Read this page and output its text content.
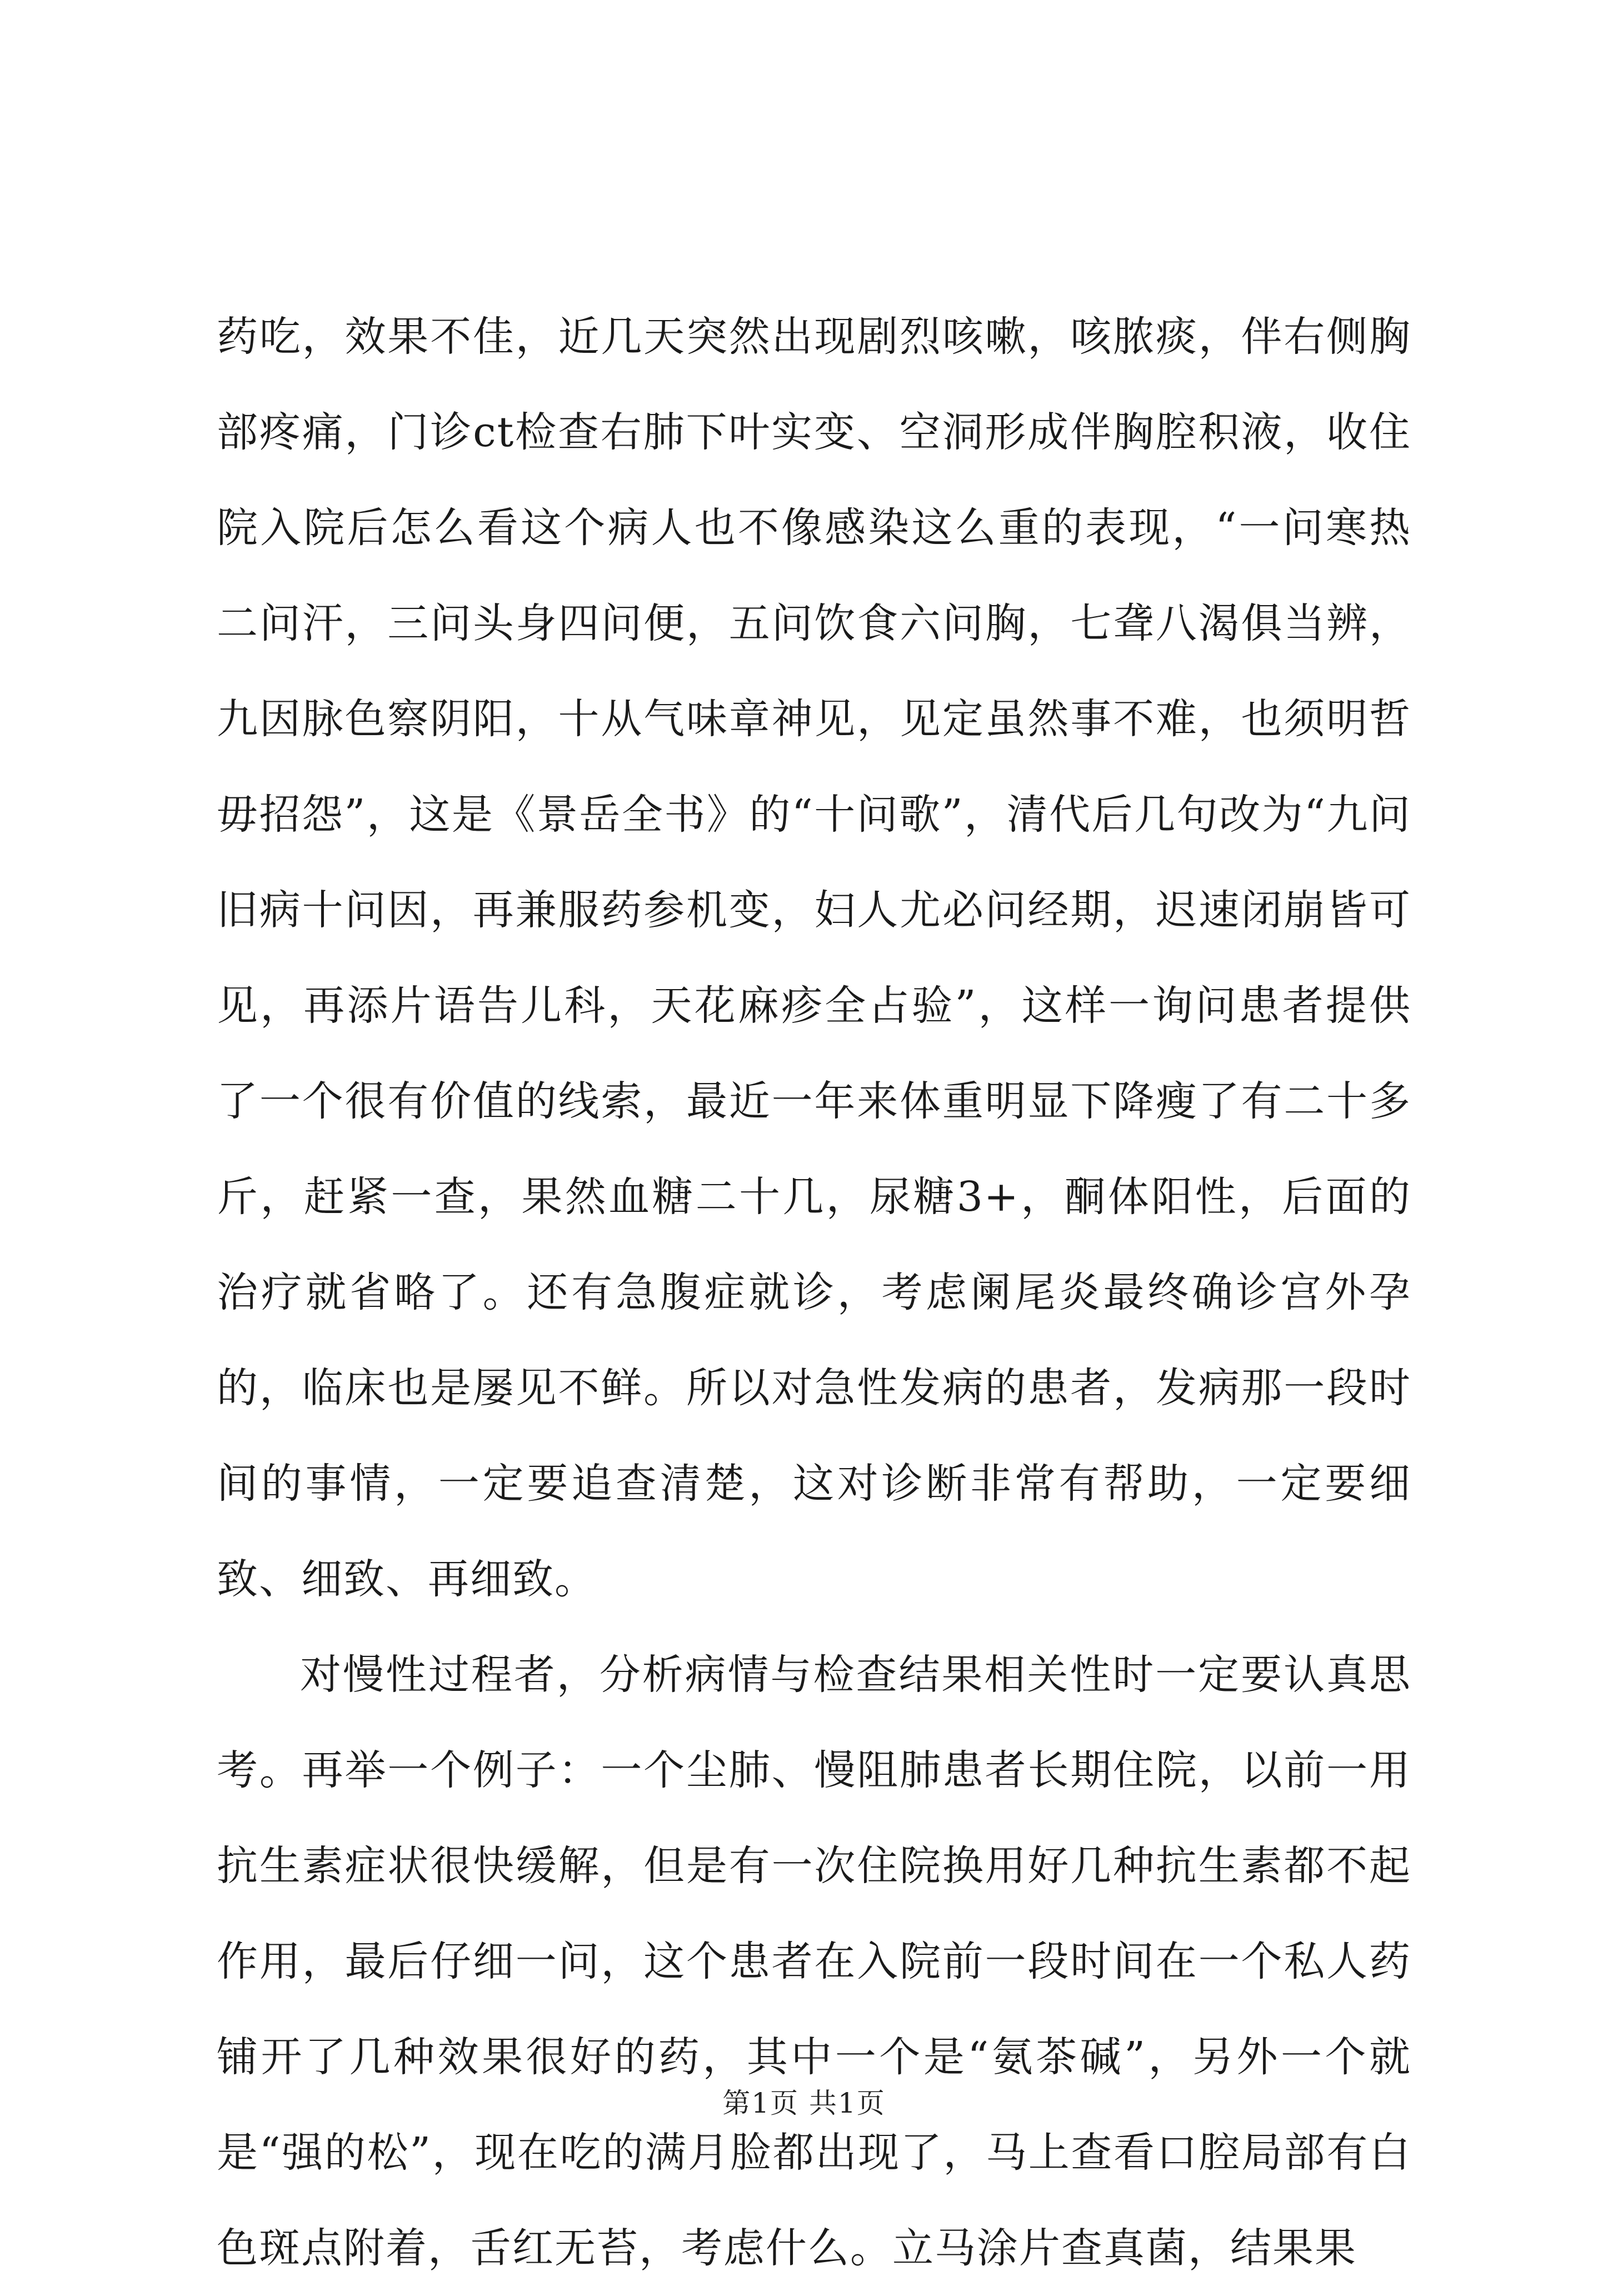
药吃，效果不佳，近几天突然出现剧烈咳嗽，咳脓痰，伴右侧胸部疼痛，门诊ct检查右肺下叶实变、空洞形成伴胸腔积液，收住院入院后怎么看这个病人也不像感染这么重的表现，“一问寒热二问汗，三问头身四问便，五问饮食六问胸，七聋八渴俱当辨，九因脉色察阴阳，十从气味章神见，见定虽然事不难，也须明哲毋招怨”，这是《景岳全书》的“十问歌”，清代后几句改为“九问旧病十问因，再兼服药参机变，妇人尤必问经期，迟速闭崩皆可见，再添片语告儿科，天花麻疹全占验”，这样一询问患者提供了一个很有价值的线索，最近一年来体重明显下降瘦了有二十多斤，赶紧一查，果然血糖二十几，尿糖3+，酮体阳性，后面的治疗就省略了。还有急腹症就诊，考虑阑尾炎最终确诊宫外孕的，临床也是屡见不鲜。所以对急性发病的患者，发病那一段时间的事情，一定要追查清楚，这对诊断非常有帮助，一定要细致、细致、再细致。

对慢性过程者，分析病情与检查结果相关性时一定要认真思考。再举一个例子：一个尘肺、慢阻肺患者长期住院，以前一用抗生素症状很快缓解，但是有一次住院换用好几种抗生素都不起作用，最后仔细一问，这个患者在入院前一段时间在一个私人药铺开了几种效果很好的药，其中一个是“氨茶碱”，另外一个就是“强的松”，现在吃的满月脸都出现了，马上查看口腔局部有白色斑点附着，舌红无苔，考虑什么。立马涂片查真菌，结果果

第1页 共1页
